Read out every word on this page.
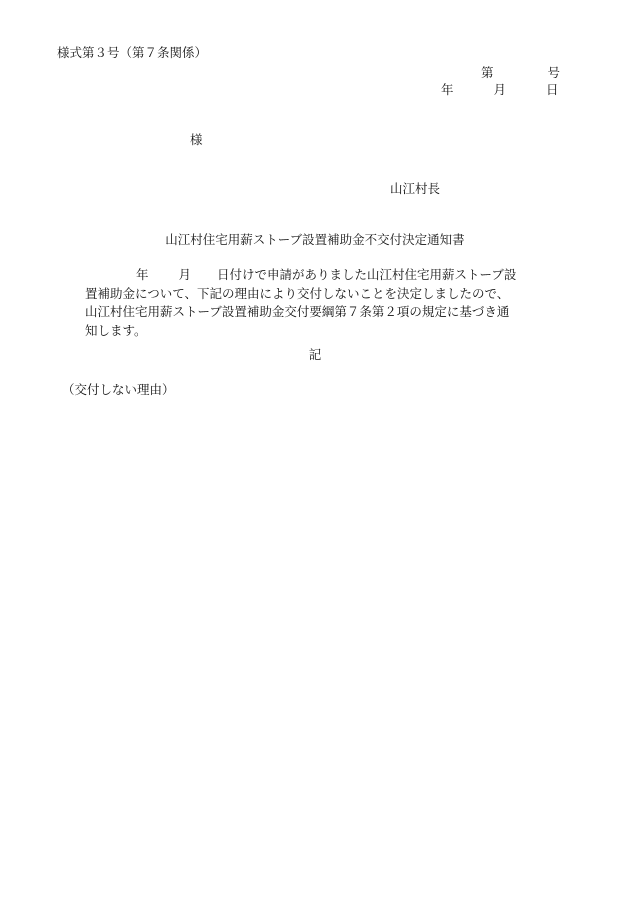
様式第３号（第７条関係）
第	号
年	月	日
様
山江村長
山江村住宅用薪ストーブ設置補助金不交付決定通知書
年 月 日付けで申請がありました山江村住宅用薪ストーブ設
置補助金について、下記の理由により交付しないことを決定しましたので、
山江村住宅用薪ストーブ設置補助金交付要綱第７条第２項の規定に基づき通
知します。
記
（交付しない理由）
